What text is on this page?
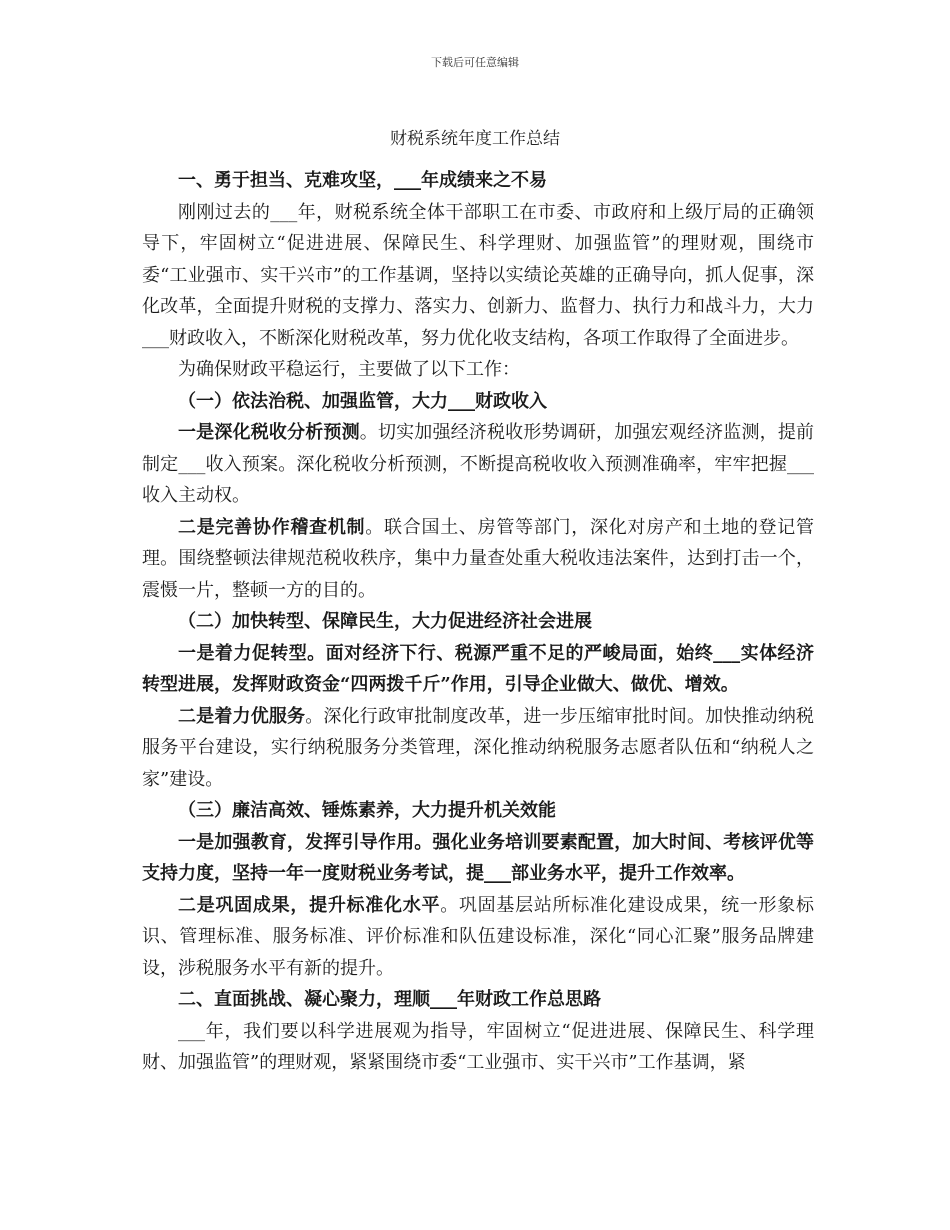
下载后可任意编辑
财税系统年度工作总结

一、勇于担当、克难攻坚，___年成绩来之不易

刚刚过去的___年，财税系统全体干部职工在市委、市政府和上级厅局的正确领导下，牢固树立“促进进展、保障民生、科学理财、加强监管”的理财观，围绕市委“工业强市、实干兴市”的工作基调，坚持以实绩论英雄的正确导向，抓人促事，深化改革，全面提升财税的支撑力、落实力、创新力、监督力、执行力和战斗力，大力___财政收入，不断深化财税改革，努力优化收支结构，各项工作取得了全面进步。

为确保财政平稳运行，主要做了以下工作：

（一）依法治税、加强监管，大力___财政收入

一是深化税收分析预测。切实加强经济税收形势调研，加强宏观经济监测，提前制定___收入预案。深化税收分析预测，不断提高税收收入预测准确率，牢牢把握___收入主动权。

二是完善协作稽查机制。联合国土、房管等部门，深化对房产和土地的登记管理。围绕整顿法律规范税收秩序，集中力量查处重大税收违法案件，达到打击一个，震慑一片，整顿一方的目的。

（二）加快转型、保障民生，大力促进经济社会进展

一是着力促转型。面对经济下行、税源严重不足的严峻局面，始终___实体经济转型进展，发挥财政资金“四两拨千斤”作用，引导企业做大、做优、增效。

二是着力优服务。深化行政审批制度改革，进一步压缩审批时间。加快推动纳税服务平台建设，实行纳税服务分类管理，深化推动纳税服务志愿者队伍和“纳税人之家”建设。

（三）廉洁高效、锤炼素养，大力提升机关效能

一是加强教育，发挥引导作用。强化业务培训要素配置，加大时间、考核评优等支持力度，坚持一年一度财税业务考试，提___部业务水平，提升工作效率。

二是巩固成果，提升标准化水平。巩固基层站所标准化建设成果，统一形象标识、管理标准、服务标准、评价标准和队伍建设标准，深化“同心汇聚”服务品牌建设，涉税服务水平有新的提升。

二、直面挑战、凝心聚力，理顺___年财政工作总思路

___年，我们要以科学进展观为指导，牢固树立“促进进展、保障民生、科学理财、加强监管”的理财观，紧紧围绕市委“工业强市、实干兴市”工作基调，紧
